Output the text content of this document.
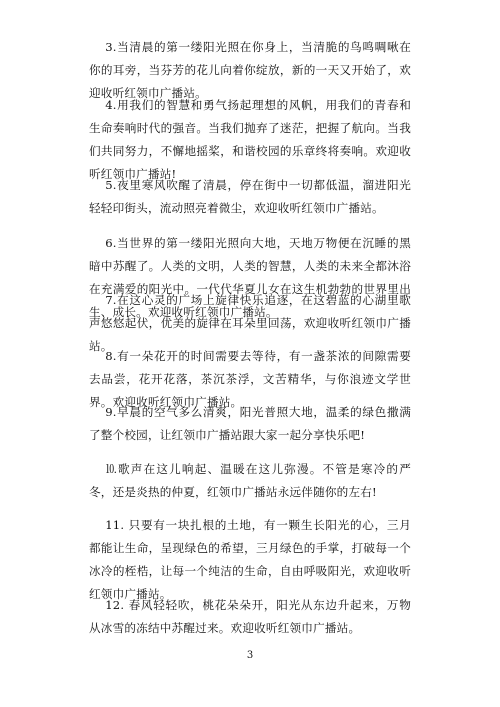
3.当清晨的第一缕阳光照在你身上，当清脆的鸟鸣啁啾在你的耳旁，当芬芳的花儿向着你绽放，新的一天又开始了，欢迎收听红领巾广播站。

4.用我们的智慧和勇气扬起理想的风帆，用我们的青春和生命奏响时代的强音。当我们抛弃了迷茫，把握了航向。当我们共同努力，不懈地摇桨，和谐校园的乐章终将奏响。欢迎收听红领巾广播站!

5.夜里寒风吹醒了清晨，停在街中一切都低温，溜进阳光轻轻印街头，流动照亮着微尘，欢迎收听红领巾广播站。

6.当世界的第一缕阳光照向大地，天地万物便在沉睡的黑暗中苏醒了。人类的文明，人类的智慧，人类的未来全都沐浴　在充满爱的阳光中。一代代华夏儿女在这生机勃勃的世界里出生、成长。欢迎收听红领巾广播站。

7.在这心灵的广场上旋律快乐追逐，在这碧蓝的心湖里歌声悠悠起伏，优美的旋律在耳朵里回荡，欢迎收听红领巾广播站。

8.有一朵花开的时间需要去等待，有一盏茶浓的间隙需要去品尝，花开花落，茶沉茶浮，文苦精华，与你浪迹文学世界。欢迎收听红领巾广播站。

9.早晨的空气多么清爽，阳光普照大地，温柔的绿色撒满了整个校园，让红领巾广播站跟大家一起分享快乐吧!

⒑歌声在这儿响起、温暖在这儿弥漫。不管是寒冷的严冬，还是炎热的仲夏，红领巾广播站永远伴随你的左右!

11. 只要有一块扎根的土地，有一颗生长阳光的心，三月都能让生命，呈现绿色的希望，三月绿色的手掌，打破每一个冰冷的桎梏，让每一个纯洁的生命，自由呼吸阳光，欢迎收听红领巾广播站。

12. 春风轻轻吹，桃花朵朵开，阳光从东边升起来，万物从冰雪的冻结中苏醒过来。欢迎收听红领巾广播站。

3
